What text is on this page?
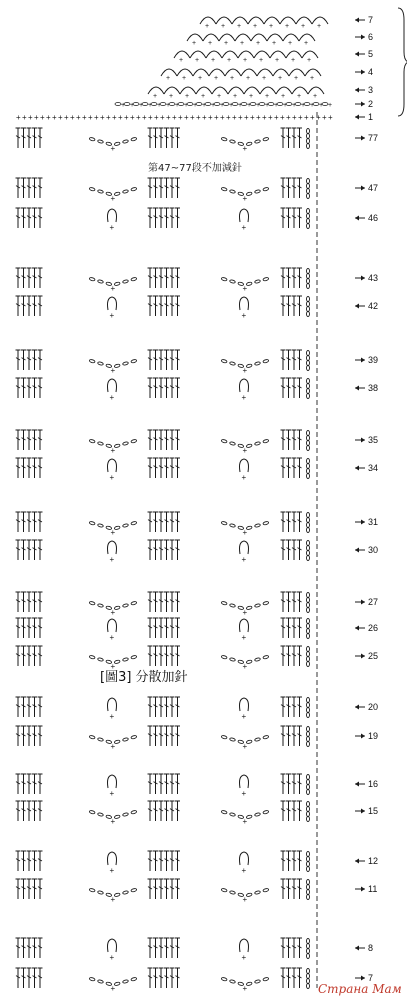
+ + + + + + + +
7
+ + + + + + + +
6
+ + + + + + + + +
5
+ + + + + + + + + +
4
+ + + + + + + + + + +
3
+ + + + + + + + + + + + + + + + + + + + + + + +	2
+ + + + + + + + + + + + + + + + + + + + + + + + + + + + + + + + + + + + + + + + + + + + + + + + + + + + +	1
+	+
77
+	+
47
+	+
46
+	+
43
+	+
42
+	+
39
+	+
38
+	+
35
+	+
34
+	+
31
+	+
30
+	+
27
+	+
26
+	+
25
+	+
20
+	+
19
+	+
16
+	+
15
+	+
12
+	+
11
+	+
8
+	+
7
第47~77段不加減針
[圖3] 分散加針
Страна Мам
